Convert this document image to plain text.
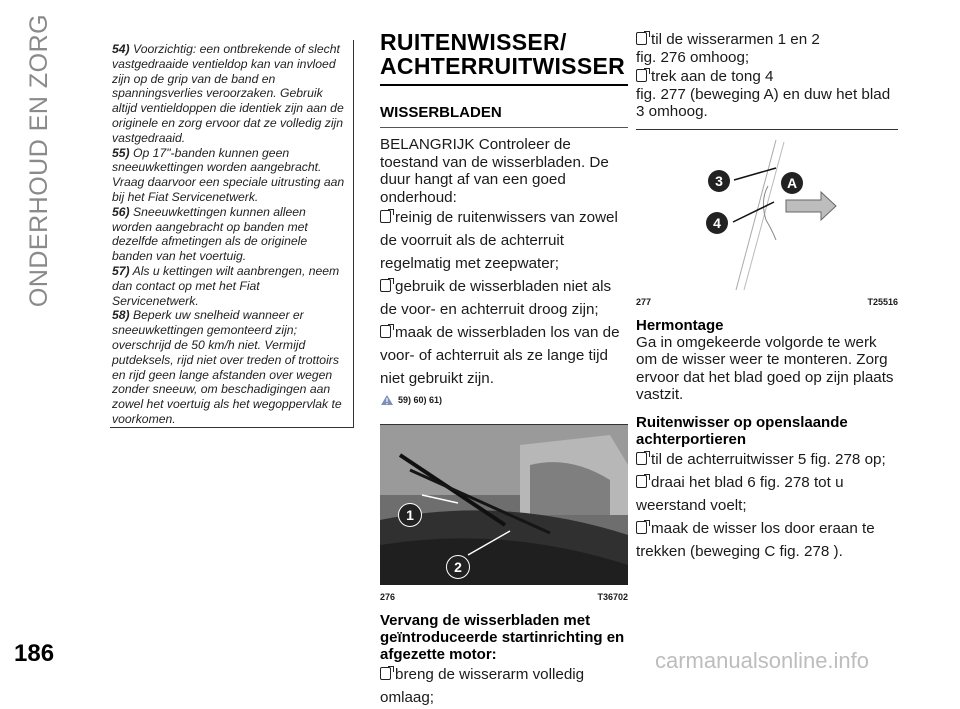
ONDERHOUD EN ZORG	54) Voorzichtig: een ontbrekende of slecht vastgedraaide ventieldop kan van invloed zijn op de grip van de band en spanningsverlies veroorzaken. Gebruik altijd ventieldoppen die identiek zijn aan de originele en zorg ervoor dat ze volledig zijn vastgedraaid.

55) Op 17"-banden kunnen geen sneeuwkettingen worden aangebracht. Vraag daarvoor een speciale uitrusting aan bij het Fiat Servicenetwerk.

56) Sneeuwkettingen kunnen alleen worden aangebracht op banden met dezelfde afmetingen als de originele banden van het voertuig.

57) Als u kettingen wilt aanbrengen, neem dan contact op met het Fiat Servicenetwerk.

58) Beperk uw snelheid wanneer er sneeuwkettingen gemonteerd zijn; overschrijd de 50 km/h niet. Vermijd putdeksels, rijd niet over treden of trottoirs en rijd geen lange afstanden over wegen zonder sneeuw, om beschadigingen aan zowel het voertuig als het wegoppervlak te voorkomen.

RUITENWISSER/
ACHTERRUITWISSER
WISSERBLADEN

BELANGRIJK Controleer de toestand van de wisserbladen. De duur hangt af van een goed onderhoud:

reinig de ruitenwissers van zowel de voorruit als de achterruit regelmatig met zeepwater;
gebruik de wisserbladen niet als de voor- en achterruit droog zijn;
maak de wisserbladen los van de voor- of achterruit als ze lange tijd niet gebruikt zijn.
59) 60) 61)
1
2
276	T36702
Vervang de wisserbladen met geïntroduceerde startinrichting en afgezette motor:
breng de wisserarm volledig omlaag;
til de wisserarmen 1 en 2

fig. 276 omhoog;

trek aan de tong 4

fig. 277 (beweging A) en duw het blad 3 omhoog.

3
4
A
277	T25516
Hermontage

Ga in omgekeerde volgorde te werk om de wisser weer te monteren. Zorg ervoor dat het blad goed op zijn plaats vastzit.

Ruitenwisser op openslaande achterportieren
til de achterruitwisser 5 fig. 278 op;
draai het blad 6 fig. 278 tot u weerstand voelt;
maak de wisser los door eraan te trekken (beweging C fig. 278 ).
186	carmanualsonline.info
